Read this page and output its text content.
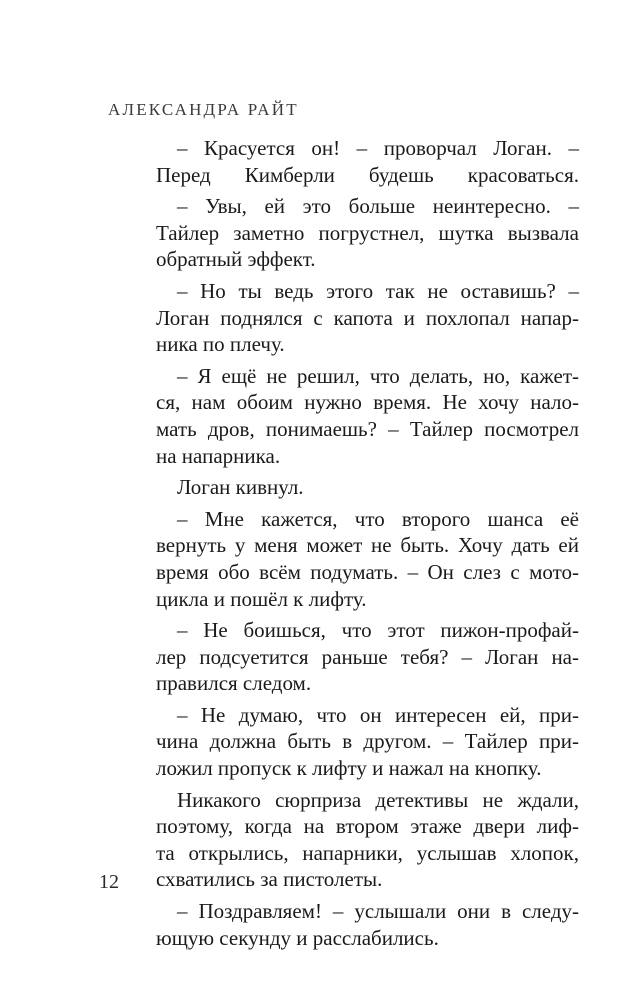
АЛЕКСАНДРА РАЙТ
– Красуется он! – проворчал Логан. –
Перед Кимберли будешь красоваться.
– Увы, ей это больше неинтересно. –
Тайлер заметно погрустнел, шутка вызвала
обратный эффект.
– Но ты ведь этого так не оставишь? –
Логан поднялся с капота и похлопал напар-
ника по плечу.
– Я ещё не решил, что делать, но, кажет-
ся, нам обоим нужно время. Не хочу нало-
мать дров, понимаешь? – Тайлер посмотрел
на напарника.
Логан кивнул.
– Мне кажется, что второго шанса её
вернуть у меня может не быть. Хочу дать ей
время обо всём подумать. – Он слез с мото-
цикла и пошёл к лифту.
– Не боишься, что этот пижон-профай-
лер подсуетится раньше тебя? – Логан на-
правился следом.
– Не думаю, что он интересен ей, при-
чина должна быть в другом. – Тайлер при-
ложил пропуск к лифту и нажал на кнопку.
Никакого сюрприза детективы не ждали,
поэтому, когда на втором этаже двери лиф-
та открылись, напарники, услышав хлопок,
схватились за пистолеты.
– Поздравляем! – услышали они в следу-
ющую секунду и расслабились.
12
